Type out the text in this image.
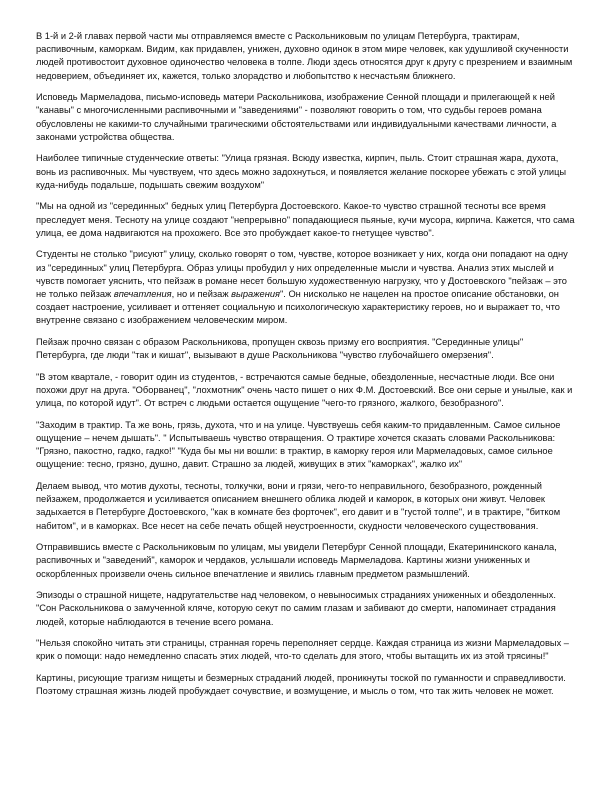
В 1-й и 2-й главах первой части мы отправляемся вместе с Раскольниковым по улицам Петербурга, трактирам, распивочным, каморкам. Видим, как придавлен, унижен, духовно одинок в этом мире человек, как удушливой скученности людей противостоит духовное одиночество человека в толпе. Люди здесь относятся друг к другу с презрением и взаимным недоверием, объединяет их, кажется, только злорадство и любопытство к несчастьям ближнего.

Исповедь Мармеладова, письмо-исповедь матери Раскольникова, изображение Сенной площади и прилегающей к ней "канавы" с многочисленными распивочными и "заведениями" - позволяют говорить о том, что судьбы героев романа обусловлены не какими-то случайными трагическими обстоятельствами или индивидуальными качествами личности, а законами устройства общества.

Наиболее типичные студенческие ответы: "Улица грязная. Всюду известка, кирпич, пыль. Стоит страшная жара, духота, вонь из распивочных. Мы чувствуем, что здесь можно задохнуться, и появляется желание поскорее убежать с этой улицы куда-нибудь подальше, подышать свежим воздухом"

"Мы на одной из "серединных" бедных улиц Петербурга Достоевского. Какое-то чувство страшной тесноты все время преследует меня. Тесноту на улице создают "непрерывно" попадающиеся пьяные, кучи мусора, кирпича. Кажется, что сама улица, ее дома надвигаются на прохожего. Все это пробуждает какое-то гнетущее чувство".

Студенты не столько "рисуют" улицу, сколько говорят о том, чувстве, которое возникает у них, когда они попадают на одну из "серединных" улиц Петербурга. Образ улицы пробудил у них определенные мысли и чувства. Анализ этих мыслей и чувств помогает уяснить, что пейзаж в романе несет большую художественную нагрузку, что у Достоевского "пейзаж – это не только пейзаж впечатления, но и пейзаж выражения". Он нисколько не нацелен на простое описание обстановки, он создает настроение, усиливает и оттеняет социальную и психологическую характеристику героев, но и выражает то, что внутренне связано с изображением человеческим миром.

Пейзаж прочно связан с образом Раскольникова, пропущен сквозь призму его восприятия. "Серединные улицы" Петербурга, где люди "так и кишат", вызывают в душе Раскольникова "чувство глубочайшего омерзения".

"В этом квартале, - говорит один из студентов, - встречаются самые бедные, обездоленные, несчастные люди. Все они похожи друг на друга. "Оборванец", "лохмотник" очень часто пишет о них Ф.М. Достоевский. Все они серые и унылые, как и улица, по которой идут". От встреч с людьми остается ощущение "чего-то грязного, жалкого, безобразного".

"Заходим в трактир. Та же вонь, грязь, духота, что и на улице. Чувствуешь себя каким-то придавленным. Самое сильное ощущение – нечем дышать". " Испытываешь чувство отвращения. О трактире хочется сказать словами Раскольникова: "Грязно, пакостно, гадко, гадко!" "Куда бы мы ни вошли: в трактир, в каморку героя или Мармеладовых, самое сильное ощущение: тесно, грязно, душно, давит. Страшно за людей, живущих в этих "каморках", жалко их"

Делаем вывод, что мотив духоты, тесноты, толкучки, вони и грязи, чего-то неправильного, безобразного, рожденный пейзажем, продолжается и усиливается описанием внешнего облика людей и каморок, в которых они живут. Человек задыхается в Петербурге Достоевского, "как в комнате без форточек", его давит и в "густой толпе", и в трактире, "битком набитом", и в каморках. Все несет на себе печать общей неустроенности, скудности человеческого существования.

Отправившись вместе с Раскольниковым по улицам, мы увидели Петербург Сенной площади, Екатерининского канала, распивочных и "заведений", каморок и чердаков, услышали исповедь Мармеладова. Картины жизни униженных и оскорбленных произвели очень сильное впечатление и явились главным предметом размышлений.

Эпизоды о страшной нищете, надругательстве над человеком, о невыносимых страданиях униженных и обездоленных. "Сон Раскольникова о замученной кляче, которую секут по самим глазам и забивают до смерти, напоминает страдания людей, которые наблюдаются в течение всего романа.

"Нельзя спокойно читать эти страницы, странная горечь переполняет сердце. Каждая страница из жизни Мармеладовых – крик о помощи: надо немедленно спасать этих людей, что-то сделать для этого, чтобы вытащить их из этой трясины!"

Картины, рисующие трагизм нищеты и безмерных страданий людей, проникнуты тоской по гуманности и справедливости. Поэтому страшная жизнь людей пробуждает сочувствие, и возмущение, и мысль о том, что так жить человек не может.
